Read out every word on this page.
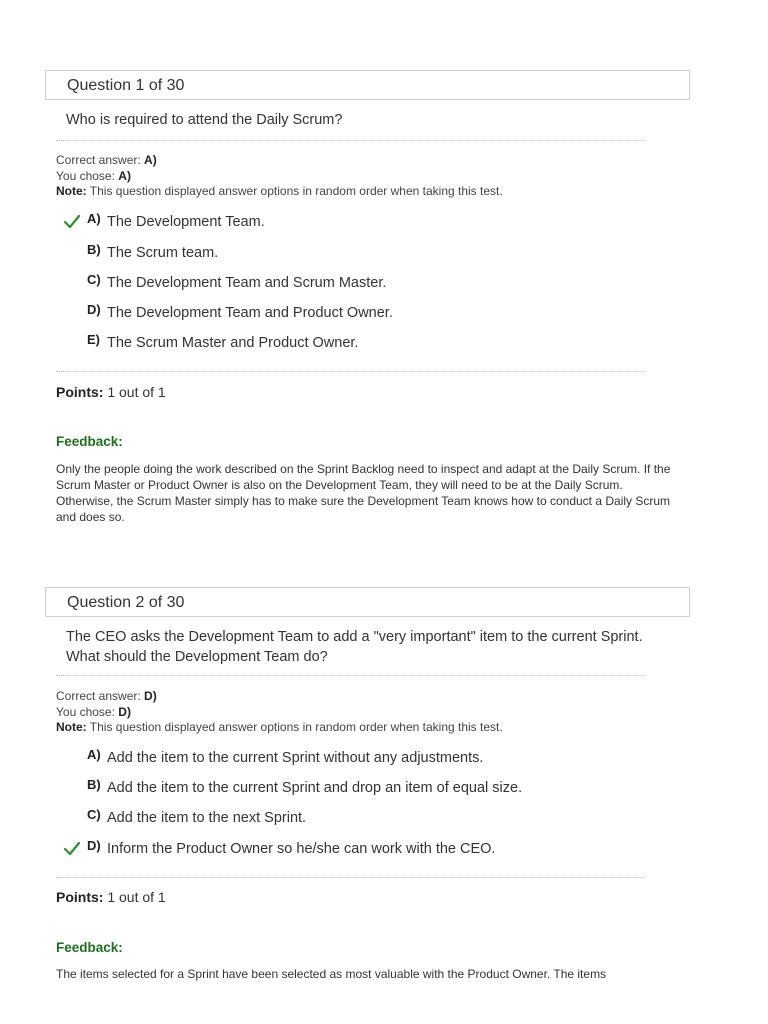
Question 1 of 30
Who is required to attend the Daily Scrum?
Correct answer: A)
You chose: A)
Note: This question displayed answer options in random order when taking this test.
A) The Development Team.
B) The Scrum team.
C) The Development Team and Scrum Master.
D) The Development Team and Product Owner.
E) The Scrum Master and Product Owner.
Points: 1 out of 1
Feedback:
Only the people doing the work described on the Sprint Backlog need to inspect and adapt at the Daily Scrum. If the Scrum Master or Product Owner is also on the Development Team, they will need to be at the Daily Scrum. Otherwise, the Scrum Master simply has to make sure the Development Team knows how to conduct a Daily Scrum and does so.
Question 2 of 30
The CEO asks the Development Team to add a "very important" item to the current Sprint. What should the Development Team do?
Correct answer: D)
You chose: D)
Note: This question displayed answer options in random order when taking this test.
A) Add the item to the current Sprint without any adjustments.
B) Add the item to the current Sprint and drop an item of equal size.
C) Add the item to the next Sprint.
D) Inform the Product Owner so he/she can work with the CEO.
Points: 1 out of 1
Feedback:
The items selected for a Sprint have been selected as most valuable with the Product Owner. The items
